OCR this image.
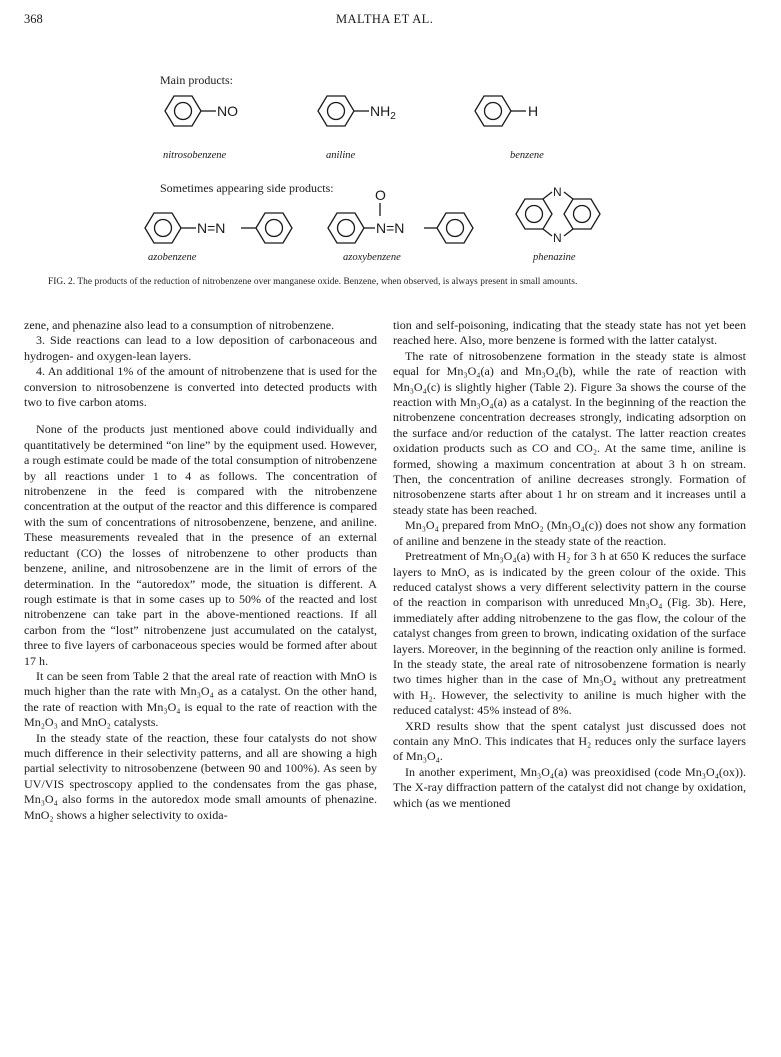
368	MALTHA ET AL.
Main products:
NO	$NH_2$	H
nitrosobenzene	aniline	benzene
Sometimes appearing side products:
N=N
O
N=N
N
N
azobenzene	azoxybenzene	phenazine
FIG. 2. The products of the reduction of nitrobenzene over manganese oxide. Benzene, when observed, is always present in small amounts.

zene, and phenazine also lead to a consumption of nitrobenzene.

3. Side reactions can lead to a low deposition of carbonaceous and hydrogen- and oxygen-lean layers.

4. An additional 1% of the amount of nitrobenzene that is used for the conversion to nitrosobenzene is converted into detected products with two to five carbon atoms.

None of the products just mentioned above could individually and quantitatively be determined “on line” by the equipment used. However, a rough estimate could be made of the total consumption of nitrobenzene by all reactions under 1 to 4 as follows. The concentration of nitrobenzene in the feed is compared with the nitrobenzene concentration at the output of the reactor and this difference is compared with the sum of concentrations of nitrosobenzene, benzene, and aniline. These measurements revealed that in the presence of an external reductant (CO) the losses of nitrobenzene to other products than benzene, aniline, and nitrosobenzene are in the limit of errors of the determination. In the “autoredox” mode, the situation is different. A rough estimate is that in some cases up to 50% of the reacted and lost nitrobenzene can take part in the above-mentioned reactions. If all carbon from the “lost” nitrobenzene just accumulated on the catalyst, three to five layers of carbonaceous species would be formed after about 17 h.

It can be seen from Table 2 that the areal rate of reaction with MnO is much higher than the rate with Mn₃O₄ as a catalyst. On the other hand, the rate of reaction with Mn₃O₄ is equal to the rate of reaction with the Mn₂O₃ and MnO₂ catalysts.

In the steady state of the reaction, these four catalysts do not show much difference in their selectivity patterns, and all are showing a high partial selectivity to nitrosobenzene (between 90 and 100%). As seen by UV/VIS spectroscopy applied to the condensates from the gas phase, Mn₃O₄ also forms in the autoredox mode small amounts of phenazine. MnO₂ shows a higher selectivity to oxida-

tion and self-poisoning, indicating that the steady state has not yet been reached here. Also, more benzene is formed with the latter catalyst.

The rate of nitrosobenzene formation in the steady state is almost equal for Mn₃O₄(a) and Mn₃O₄(b), while the rate of reaction with Mn₃O₄(c) is slightly higher (Table 2). Figure 3a shows the course of the reaction with Mn₃O₄(a) as a catalyst. In the beginning of the reaction the nitrobenzene concentration decreases strongly, indicating adsorption on the surface and/or reduction of the catalyst. The latter reaction creates oxidation products such as CO and CO₂. At the same time, aniline is formed, showing a maximum concentration at about 3 h on stream. Then, the concentration of aniline decreases strongly. Formation of nitrosobenzene starts after about 1 hr on stream and it increases until a steady state has been reached.

Mn₃O₄ prepared from MnO₂ (Mn₃O₄(c)) does not show any formation of aniline and benzene in the steady state of the reaction.

Pretreatment of Mn₃O₄(a) with H₂ for 3 h at 650 K reduces the surface layers to MnO, as is indicated by the green colour of the oxide. This reduced catalyst shows a very different selectivity pattern in the course of the reaction in comparison with unreduced Mn₃O₄ (Fig. 3b). Here, immediately after adding nitrobenzene to the gas flow, the colour of the catalyst changes from green to brown, indicating oxidation of the surface layers. Moreover, in the beginning of the reaction only aniline is formed. In the steady state, the areal rate of nitrosobenzene formation is nearly two times higher than in the case of Mn₃O₄ without any pretreatment with H₂. However, the selectivity to aniline is much higher with the reduced catalyst: 45% instead of 8%.

XRD results show that the spent catalyst just discussed does not contain any MnO. This indicates that H₂ reduces only the surface layers of Mn₃O₄.

In another experiment, Mn₃O₄(a) was preoxidised (code Mn₃O₄(ox)). The X-ray diffraction pattern of the catalyst did not change by oxidation, which (as we mentioned
